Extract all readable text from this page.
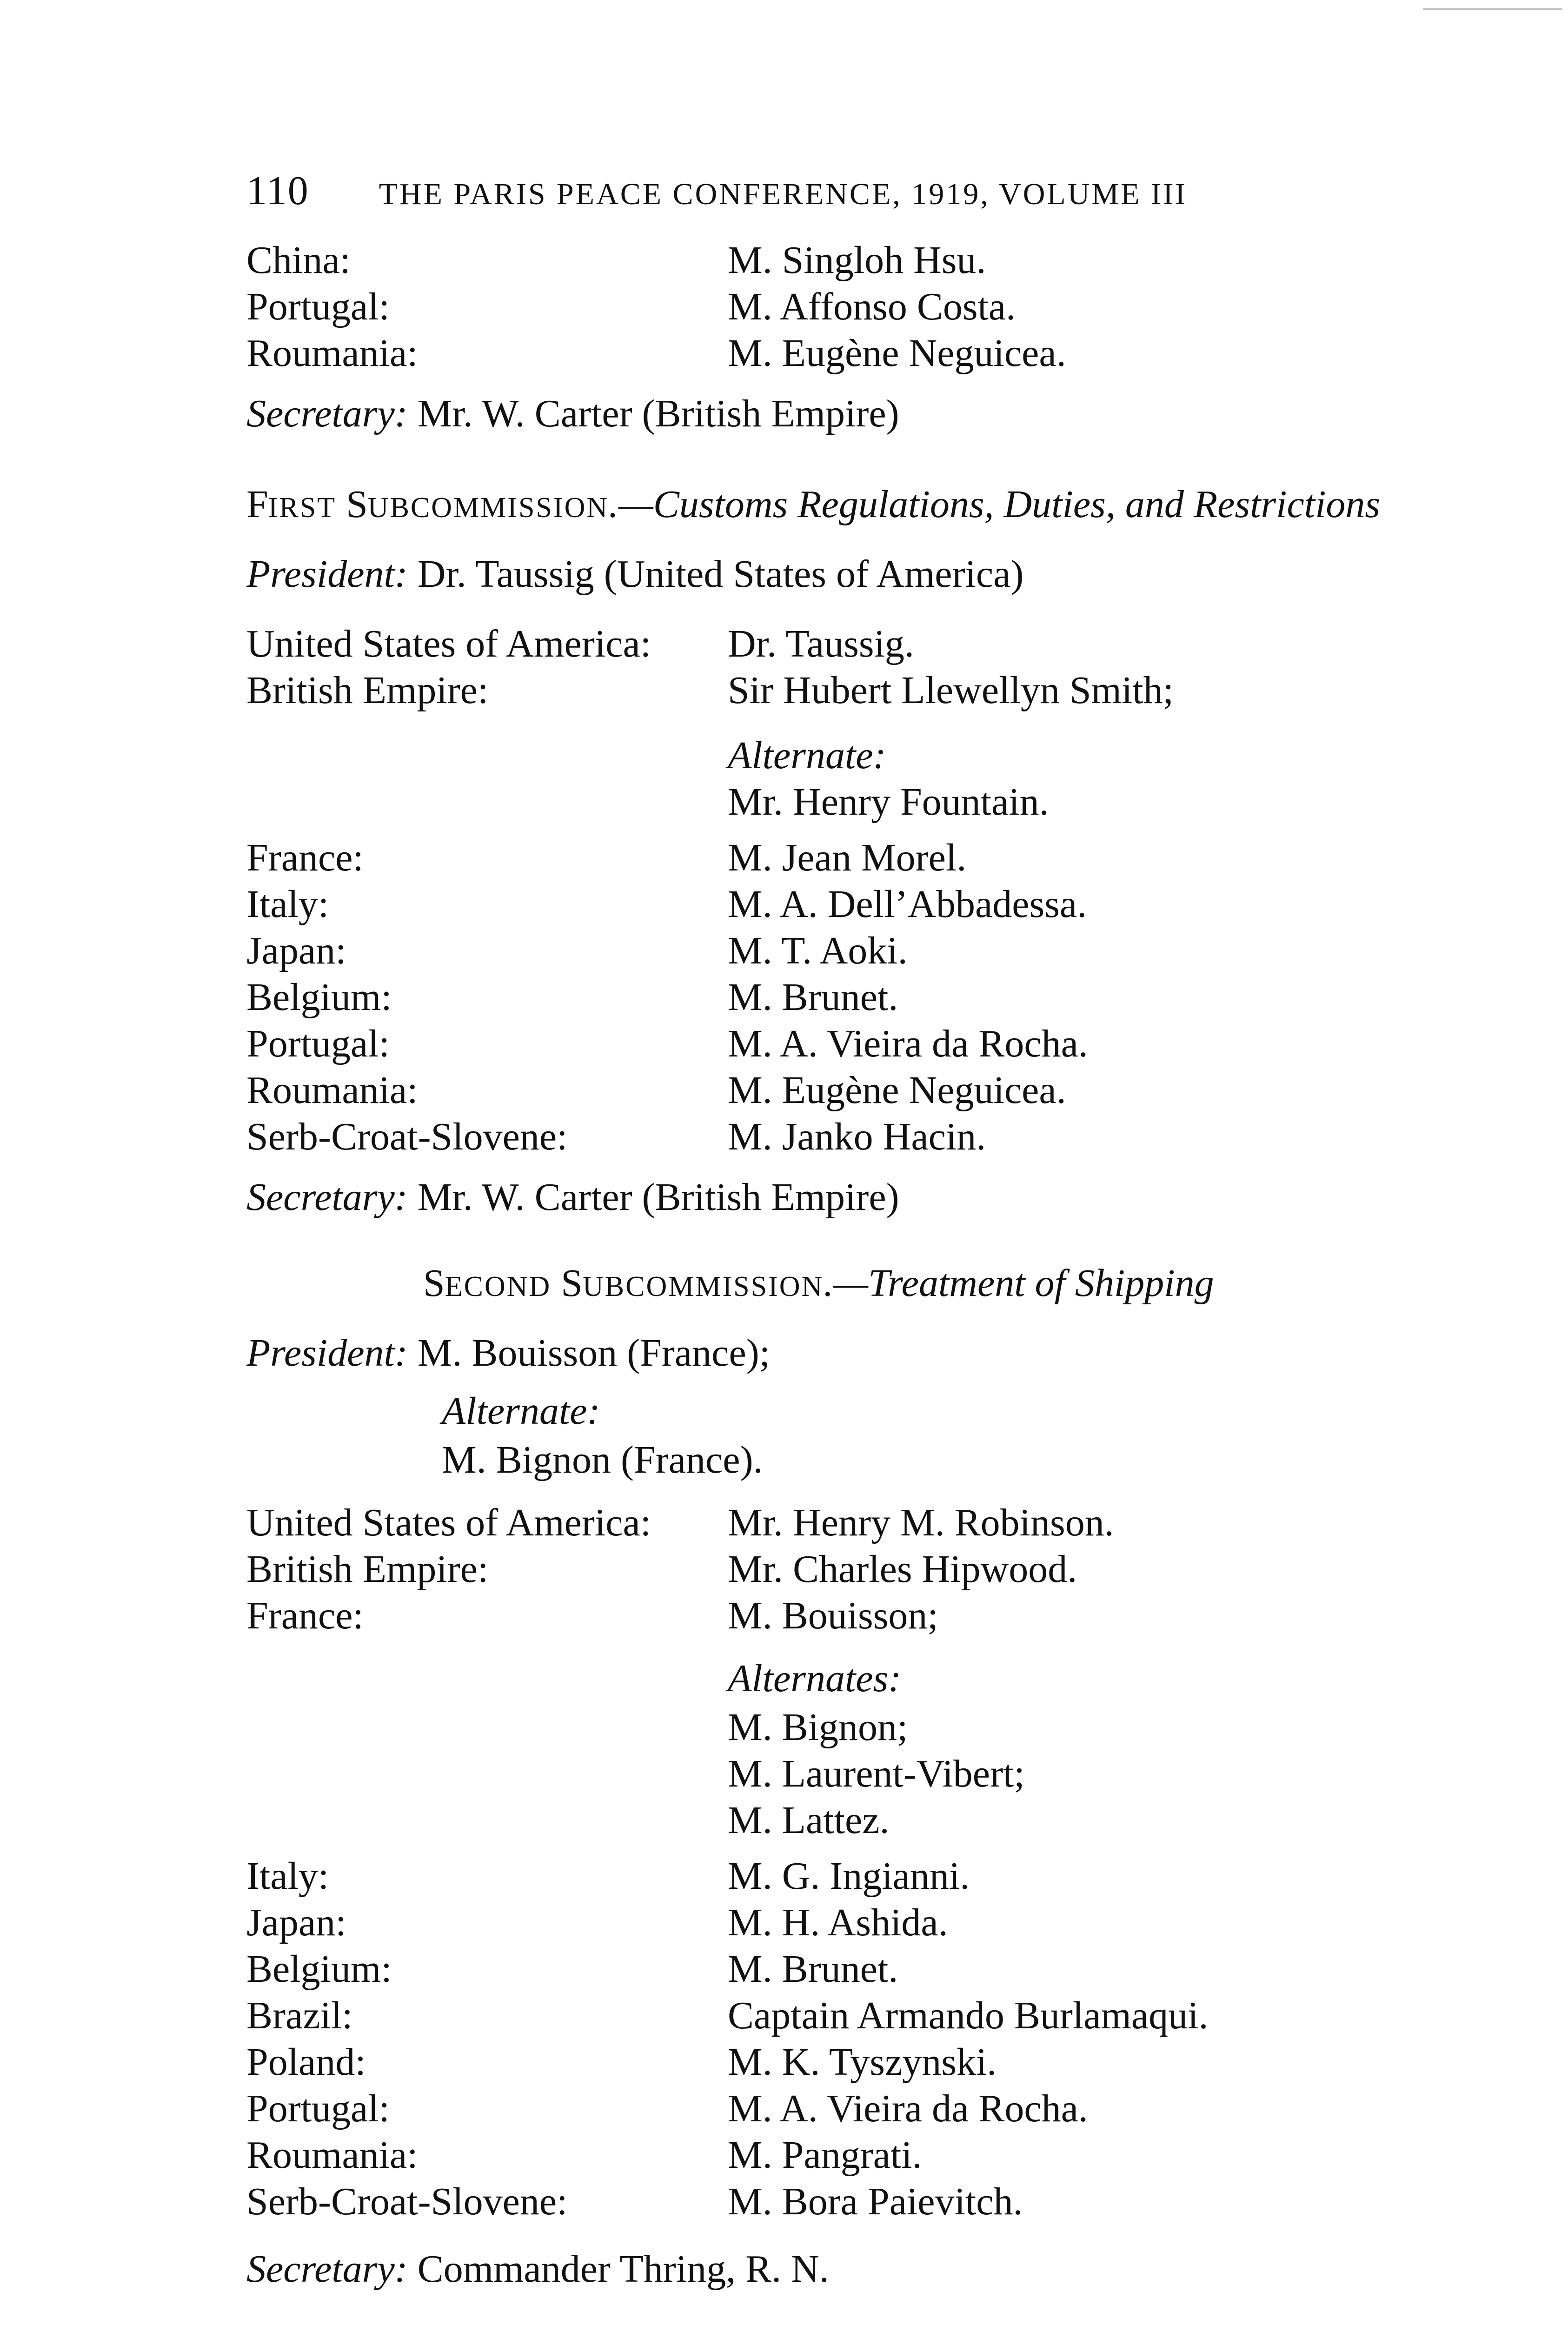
110 THE PARIS PEACE CONFERENCE, 1919, VOLUME III
China:	M. Singloh Hsu.
Portugal:	M. Affonso Costa.
Roumania:	M. Eugène Neguicea.
Secretary: Mr. W. Carter (British Empire)
FIRST SUBCOMMISSION.—Customs Regulations, Duties, and Restrictions
President: Dr. Taussig (United States of America)
United States of America: Dr. Taussig.
British Empire:	Sir Hubert Llewellyn Smith;
Alternate:
Mr. Henry Fountain.
France:	M. Jean Morel.
Italy:	M. A. Dell’Abbadessa.
Japan:	M. T. Aoki.
Belgium:	M. Brunet.
Portugal:	M. A. Vieira da Rocha.
Roumania:	M. Eugène Neguicea.
Serb-Croat-Slovene:	M. Janko Hacin.
Secretary: Mr. W. Carter (British Empire)
SECOND SUBCOMMISSION.—Treatment of Shipping
President: M. Bouisson (France);
Alternate:
M. Bignon (France).
United States of America: Mr. Henry M. Robinson.
British Empire:	Mr. Charles Hipwood.
France:	M. Bouisson;
Alternates:
M. Bignon;
M. Laurent-Vibert;
M. Lattez.
Italy:	M. G. Ingianni.
Japan:	M. H. Ashida.
Belgium:	M. Brunet.
Brazil:	Captain Armando Burlamaqui.
Poland:	M. K. Tyszynski.
Portugal:	M. A. Vieira da Rocha.
Roumania:	M. Pangrati.
Serb-Croat-Slovene:	M. Bora Paievitch.
Secretary: Commander Thring, R. N.
